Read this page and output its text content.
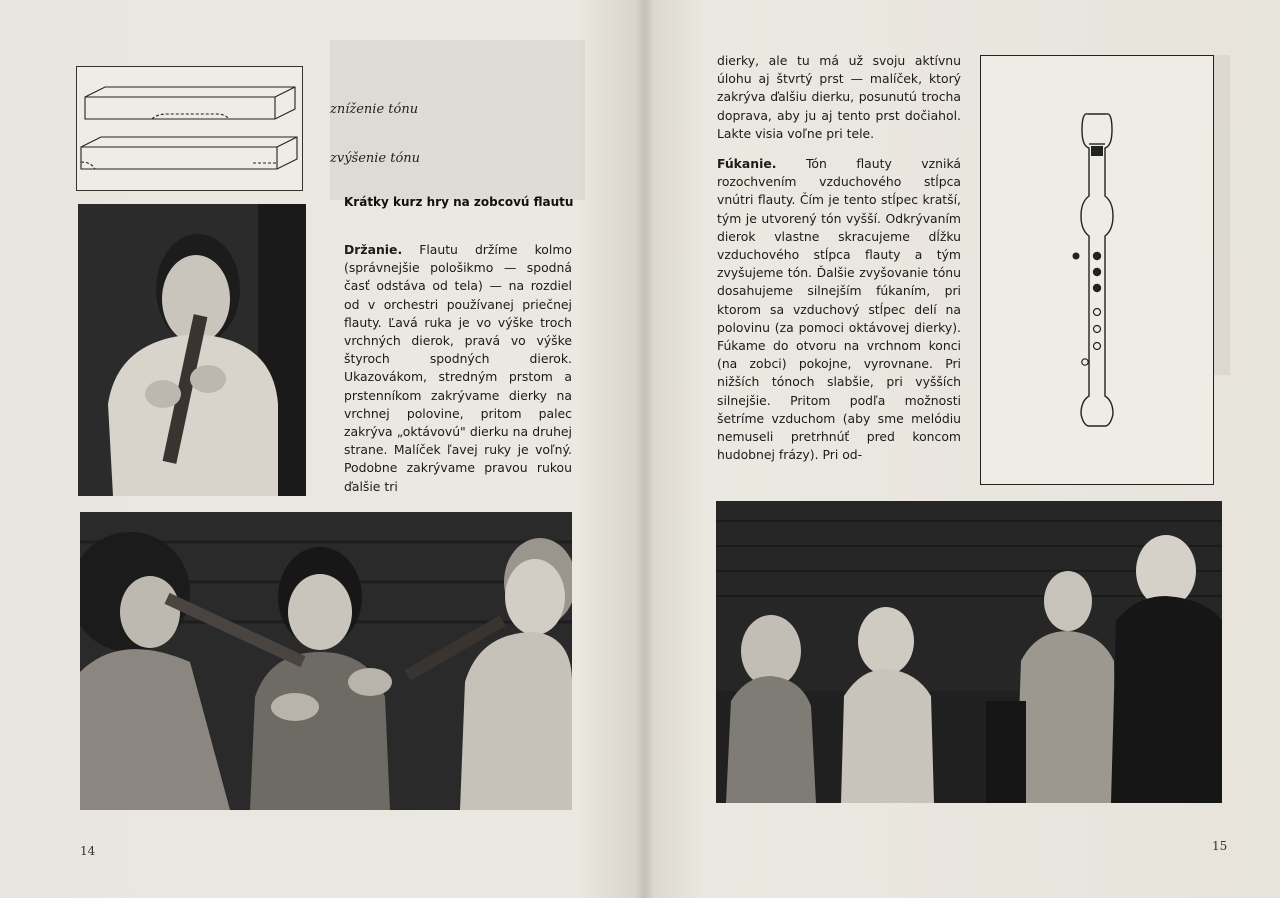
zníženie tónu
zvýšenie tónu
Krátky kurz hry na zobcovú flautu

Držanie. Flautu držíme kolmo (správnejšie pološikmo — spodná časť odstáva od tela) — na rozdiel od v orchestri používanej priečnej flauty. Ľavá ruka je vo výške troch vrchných dierok, pravá vo výške štyroch spodných dierok. Ukazovákom, stredným prstom a prstenníkom zakrývame dierky na vrchnej polovine, pritom palec zakrýva „oktávovú" dierku na druhej strane. Malíček ľavej ruky je voľný. Podobne zakrývame pravou rukou ďalšie tri

14

dierky, ale tu má už svoju aktívnu úlohu aj štvrtý prst — malíček, ktorý zakrýva ďalšiu dierku, posunutú trocha doprava, aby ju aj tento prst dočiahol. Lakte visia voľne pri tele.

Fúkanie. Tón flauty vzniká rozochvením vzduchového stĺpca vnútri flauty. Čím je tento stĺpec kratší, tým je utvorený tón vyšší. Odkrývaním dierok vlastne skracujeme dĺžku vzduchového stĺpca flauty a tým zvyšujeme tón. Ďalšie zvyšovanie tónu dosahujeme silnejším fúkaním, pri ktorom sa vzduchový stĺpec delí na polovinu (za pomoci oktávovej dierky). Fúkame do otvoru na vrchnom konci (na zobci) pokojne, vyrovnane. Pri nižších tónoch slabšie, pri vyšších silnejšie. Pritom podľa možnosti šetríme vzduchom (aby sme melódiu nemuseli pretrhnúť pred koncom hudobnej frázy). Pri od-

15
